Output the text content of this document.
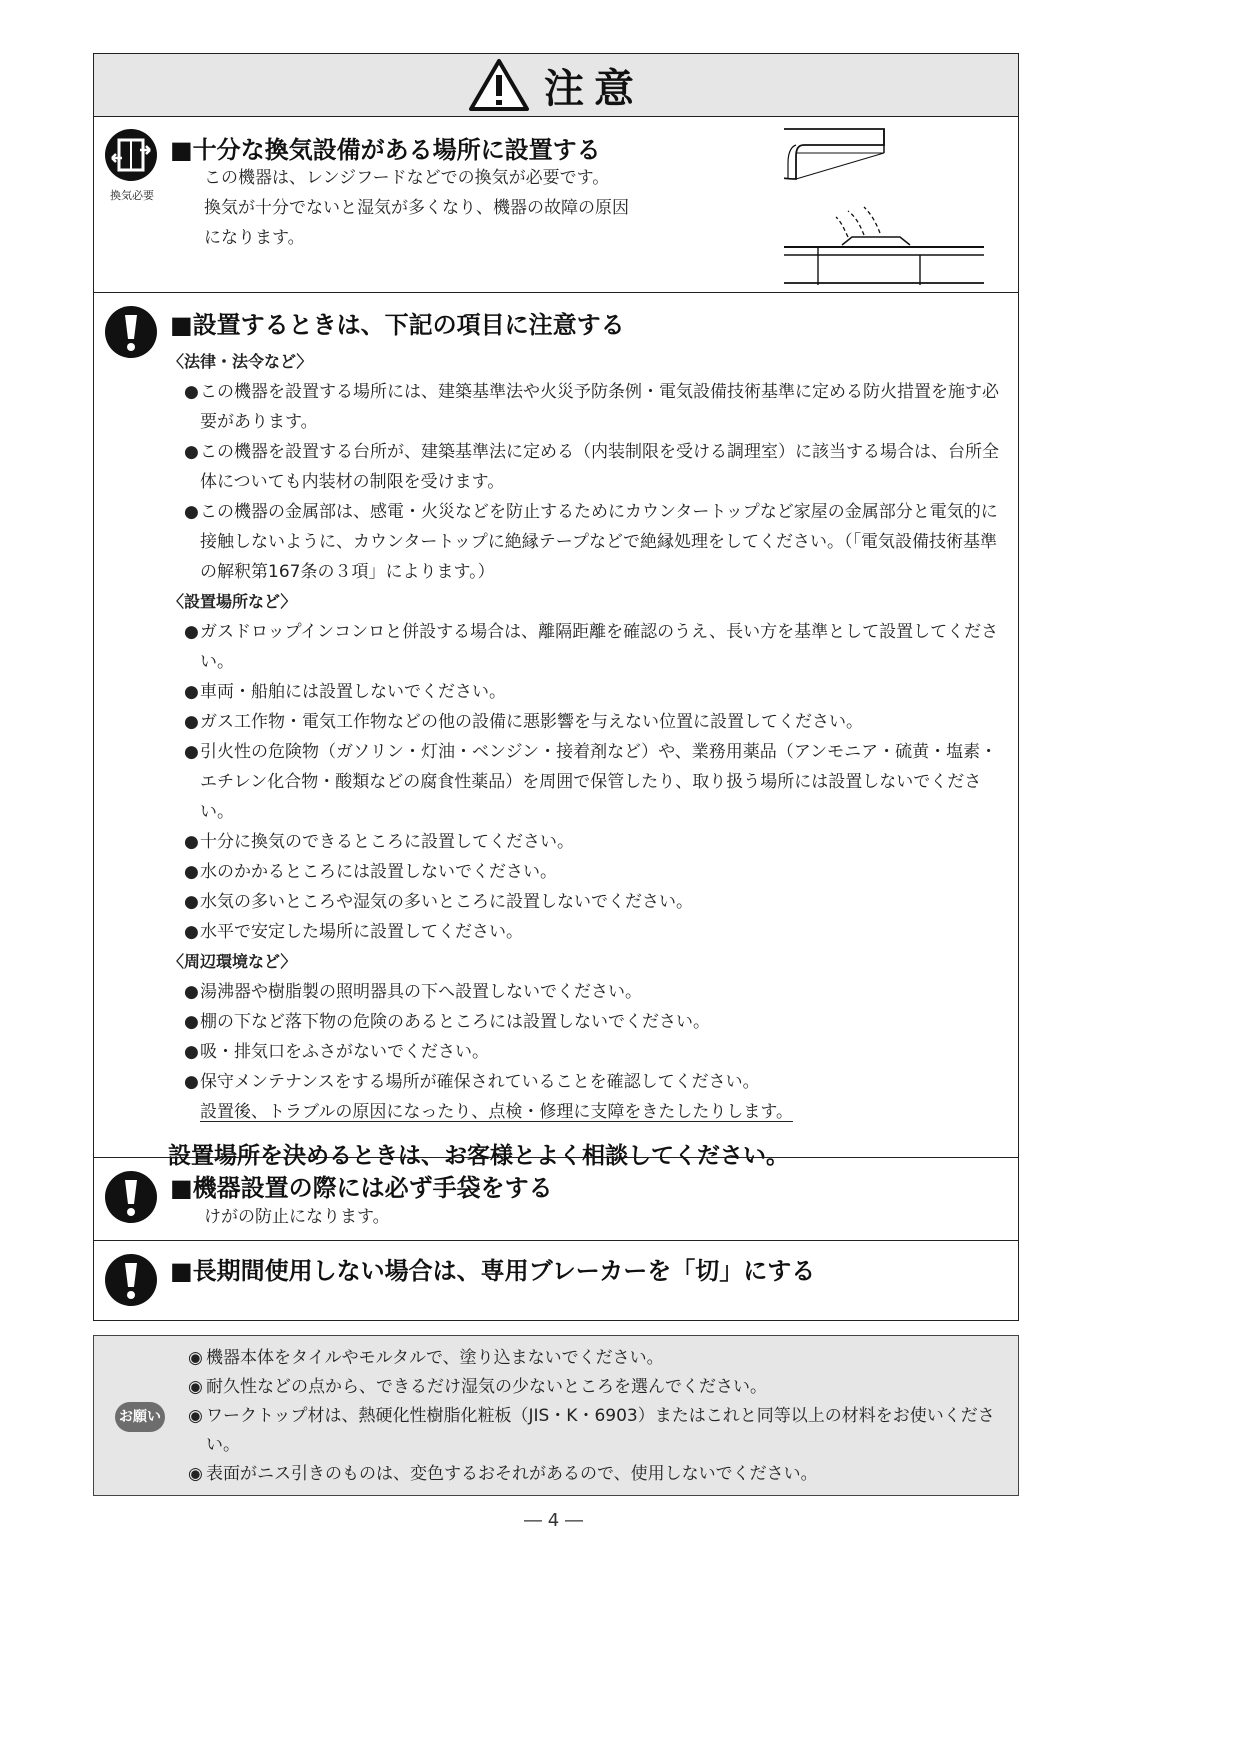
注意
換気必要
■十分な換気設備がある場所に設置する
この機器は、レンジフードなどでの換気が必要です。
換気が十分でないと湿気が多くなり、機器の故障の原因
になります。
■設置するときは、下記の項目に注意する
〈法律・法令など〉
● この機器を設置する場所には、建築基準法や火災予防条例・電気設備技術基準に定める防火措置を施す必要があります。
● この機器を設置する台所が、建築基準法に定める（内装制限を受ける調理室）に該当する場合は、台所全体についても内装材の制限を受けます。
● この機器の金属部は、感電・火災などを防止するためにカウンタートップなど家屋の金属部分と電気的に接触しないように、カウンタートップに絶縁テープなどで絶縁処理をしてください。（「電気設備技術基準の解釈第167条の３項」によります。）
〈設置場所など〉
● ガスドロップインコンロと併設する場合は、離隔距離を確認のうえ、長い方を基準として設置してください。
● 車両・船舶には設置しないでください。
● ガス工作物・電気工作物などの他の設備に悪影響を与えない位置に設置してください。
● 引火性の危険物（ガソリン・灯油・ベンジン・接着剤など）や、業務用薬品（アンモニア・硫黄・塩素・エチレン化合物・酸類などの腐食性薬品）を周囲で保管したり、取り扱う場所には設置しないでください。
● 十分に換気のできるところに設置してください。
● 水のかかるところには設置しないでください。
● 水気の多いところや湿気の多いところに設置しないでください。
● 水平で安定した場所に設置してください。
〈周辺環境など〉
● 湯沸器や樹脂製の照明器具の下へ設置しないでください。
● 棚の下など落下物の危険のあるところには設置しないでください。
● 吸・排気口をふさがないでください。
● 保守メンテナンスをする場所が確保されていることを確認してください。
設置後、トラブルの原因になったり、点検・修理に支障をきたしたりします。
設置場所を決めるときは、お客様とよく相談してください。
■機器設置の際には必ず手袋をする
けがの防止になります。
■長期間使用しない場合は、専用ブレーカーを「切」にする
お願い
◉ 機器本体をタイルやモルタルで、塗り込まないでください。
◉ 耐久性などの点から、できるだけ湿気の少ないところを選んでください。
◉ ワークトップ材は、熱硬化性樹脂化粧板（JIS・K・6903）またはこれと同等以上の材料をお使いください。
◉ 表面がニス引きのものは、変色するおそれがあるので、使用しないでください。
― 4 ―
